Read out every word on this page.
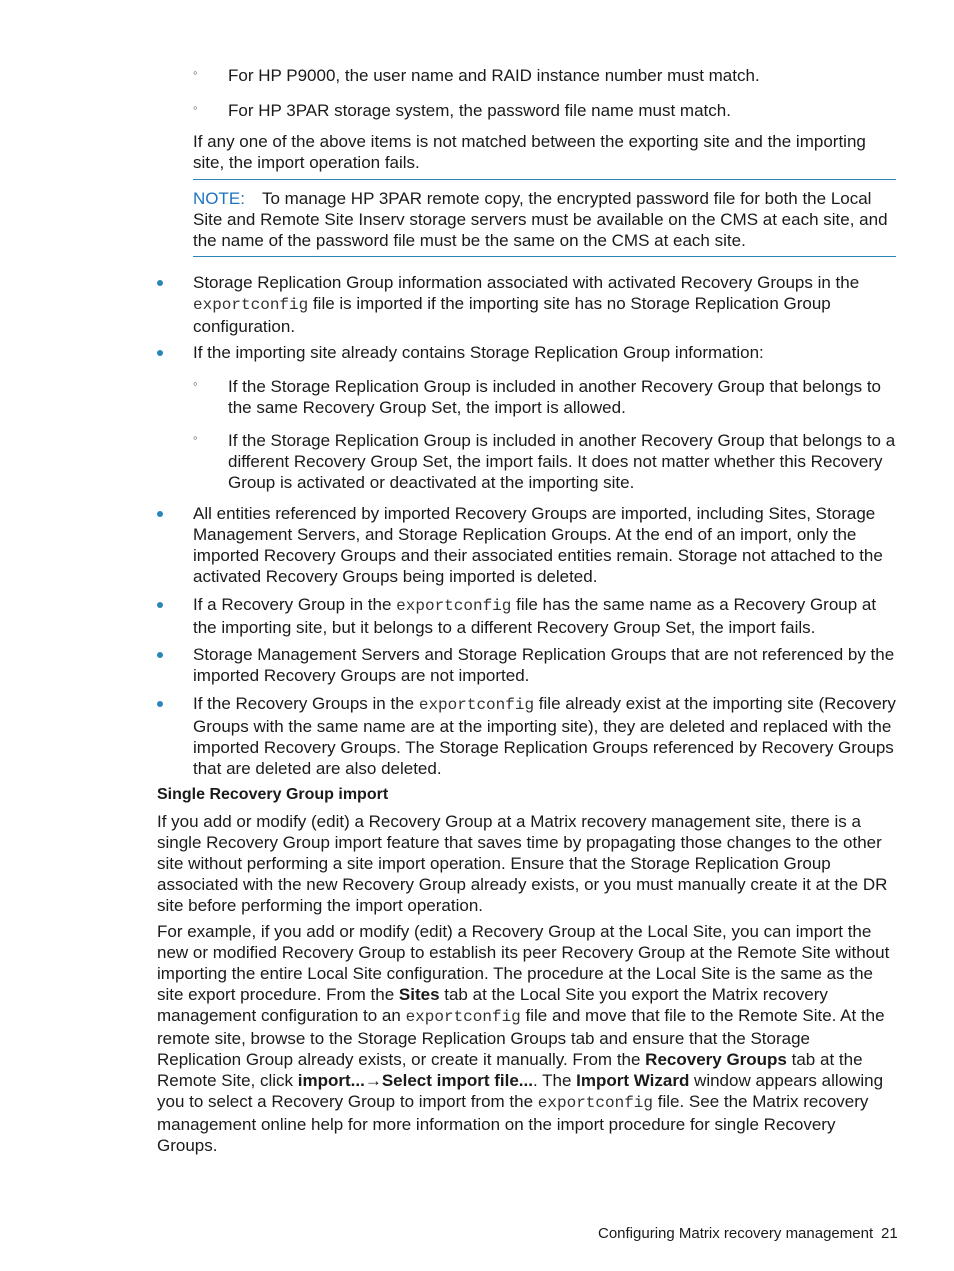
◦ For HP P9000, the user name and RAID instance number must match.
◦ For HP 3PAR storage system, the password file name must match.
If any one of the above items is not matched between the exporting site and the importing site, the import operation fails.
NOTE: To manage HP 3PAR remote copy, the encrypted password file for both the Local Site and Remote Site Inserv storage servers must be available on the CMS at each site, and the name of the password file must be the same on the CMS at each site.
Storage Replication Group information associated with activated Recovery Groups in the exportconfig file is imported if the importing site has no Storage Replication Group configuration.
If the importing site already contains Storage Replication Group information:
◦ If the Storage Replication Group is included in another Recovery Group that belongs to the same Recovery Group Set, the import is allowed.
◦ If the Storage Replication Group is included in another Recovery Group that belongs to a different Recovery Group Set, the import fails. It does not matter whether this Recovery Group is activated or deactivated at the importing site.
All entities referenced by imported Recovery Groups are imported, including Sites, Storage Management Servers, and Storage Replication Groups. At the end of an import, only the imported Recovery Groups and their associated entities remain. Storage not attached to the activated Recovery Groups being imported is deleted.
If a Recovery Group in the exportconfig file has the same name as a Recovery Group at the importing site, but it belongs to a different Recovery Group Set, the import fails.
Storage Management Servers and Storage Replication Groups that are not referenced by the imported Recovery Groups are not imported.
If the Recovery Groups in the exportconfig file already exist at the importing site (Recovery Groups with the same name are at the importing site), they are deleted and replaced with the imported Recovery Groups. The Storage Replication Groups referenced by Recovery Groups that are deleted are also deleted.
Single Recovery Group import
If you add or modify (edit) a Recovery Group at a Matrix recovery management site, there is a single Recovery Group import feature that saves time by propagating those changes to the other site without performing a site import operation. Ensure that the Storage Replication Group associated with the new Recovery Group already exists, or you must manually create it at the DR site before performing the import operation.
For example, if you add or modify (edit) a Recovery Group at the Local Site, you can import the new or modified Recovery Group to establish its peer Recovery Group at the Remote Site without importing the entire Local Site configuration. The procedure at the Local Site is the same as the site export procedure. From the Sites tab at the Local Site you export the Matrix recovery management configuration to an exportconfig file and move that file to the Remote Site. At the remote site, browse to the Storage Replication Groups tab and ensure that the Storage Replication Group already exists, or create it manually. From the Recovery Groups tab at the Remote Site, click import...→Select import file.... The Import Wizard window appears allowing you to select a Recovery Group to import from the exportconfig file. See the Matrix recovery management online help for more information on the import procedure for single Recovery Groups.
Configuring Matrix recovery management 21
